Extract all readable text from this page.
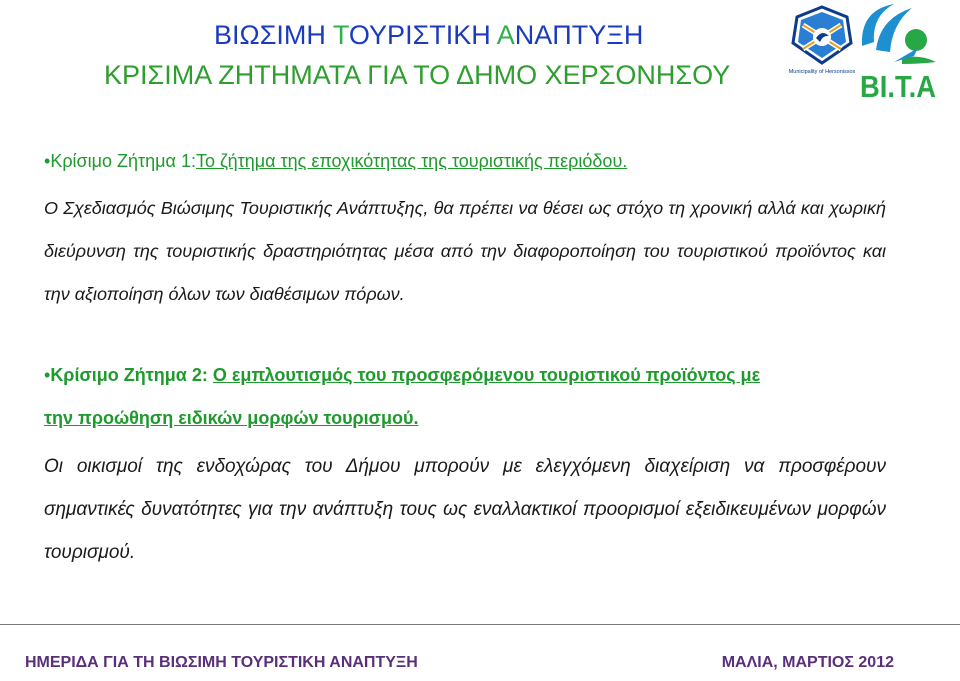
ΒΙΩΣΙΜΗ ΤΟΥΡΙΣΤΙΚΗ ΑΝΑΠΤΥΞΗ
ΚΡΙΣΙΜΑ ΖΗΤΗΜΑΤΑ ΓΙΑ ΤΟ ΔΗΜΟ ΧΕΡΣΟΝΗΣΟΥ	Municipality of Hersonissos BI.T.A
•Κρίσιμο Ζήτημα 1:Το ζήτημα της εποχικότητας της τουριστικής περιόδου.
Ο Σχεδιασμός Βιώσιμης Τουριστικής Ανάπτυξης, θα πρέπει να θέσει ως στόχο τη χρονική αλλά και χωρική διεύρυνση της τουριστικής δραστηριότητας μέσα από την διαφοροποίηση του τουριστικού προϊόντος και την αξιοποίηση όλων των διαθέσιμων πόρων.
•Κρίσιμο Ζήτημα 2: Ο εμπλουτισμός του προσφερόμενου τουριστικού προϊόντος με
την προώθηση ειδικών μορφών τουρισμού.
Οι οικισμοί της ενδοχώρας του Δήμου μπορούν με ελεγχόμενη διαχείριση να προσφέρουν σημαντικές δυνατότητες για την ανάπτυξη τους ως εναλλακτικοί προορισμοί εξειδικευμένων μορφών τουρισμού.
ΗΜΕΡΙΔΑ ΓΙΑ ΤΗ ΒΙΩΣΙΜΗ ΤΟΥΡΙΣΤΙΚΗ ΑΝΑΠΤΥΞΗ	ΜΑΛΙΑ, ΜΑΡΤΙΟΣ 2012
